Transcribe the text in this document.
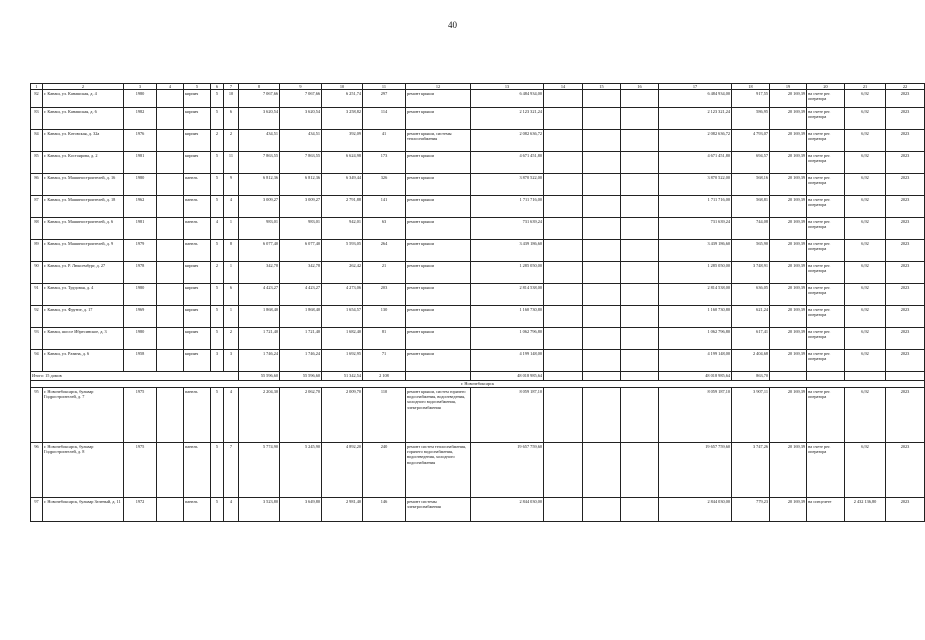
40
1	2	3	4	5	6	7	8	9	10	11	12	13	14	15	16	17	18	19	20	21	22
82	г. Канаш, ул. Канашская, д. 4	1980		кирпич	5	10	7 067,66	7 067,66	6 251,74	297	ремонт крыши	6 484 934,00				6 484 934,00	917,55	20 169,39	на счете рег. оператора	6,92	2023
83	г. Канаш, ул. Канашская, д. 6	1982		кирпич	5	6	3 620,54	3 620,54	3 258,82	114	ремонт крыши	2 123 321,24				2 123 321,24	586,95	20 169,39	на счете рег. оператора	6,92	2023
84	г. Канаш, ул. Котовская, д. 32а	1976		кирпич	2	2	434,51	434,51	392,09	41	ремонт крыши, системы теплоснабжения	2 082 636,72				2 082 636,72	4 793,07	20 169,39	на счете рег. оператора	6,92	2023
85	г. Канаш, ул. Костоярова, д. 2	1981		кирпич	5	11	7 863,55	7 863,55	6 624,98	173	ремонт крыши	4 671 451,80				4 671 451,80	694,57	20 169,39	на счете рег. оператора	6,92	2023
86	г. Канаш, ул. Машиностроителей, д. 16	1980		панель	5	9	6 812,36	6 812,36	6 349,44	326	ремонт крыши	3 870 522,00				3 870 522,00	568,16	20 169,39	на счете рег. оператора	6,92	2023
87	г. Канаш, ул. Машиностроителей, д. 18	1962		панель	5	4	3 009,27	3 009,27	2 791,88	141	ремонт крыши	1 711 716,00				1 711 716,00	568,81	20 169,39	на счете рег. оператора	6,92	2023
88	г. Канаш, ул. Машиностроителей, д. 6	1981		панель	4	1	983,01	983,01	942,01	63	ремонт крыши	731 639,24				731 639,24	744,08	20 169,39	на счете рег. оператора	6,92	2023
89	г. Канаш, ул. Машиностроителей, д. 9	1979		панель	5	8	6 077,40	6 077,40	5 593,05	264	ремонт крыши	3 439 186,60				3 439 186,60	565,90	20 169,39	на счете рег. оператора	6,92	2023
90	г. Канаш, ул. Р. Люксембург, д. 27	1978		кирпич	2	1	342,78	342,78	262,42	21	ремонт крыши	1 285 050,00				1 285 050,00	3 748,91	20 169,39	на счете рег. оператора	6,92	2023
91	г. Канаш, ул. Трудовая, д. 4	1980		кирпич	5	6	4 423,27	4 423,27	4 273,06	203	ремонт крыши	2 814 538,00				2 814 538,00	636,05	20 169,39	на счете рег. оператора	6,92	2023
92	г. Канаш, ул. Фрунзе, д. 17	1969		кирпич	5	1	1 868,40	1 868,40	1 654,57	130	ремонт крыши	1 160 730,80				1 160 730,80	621,24	20 169,39	на счете рег. оператора	6,92	2023
93	г. Канаш, шоссе Ибресинское, д. 3	1980		кирпич	5	2	1 721,40	1 721,40	1 682,40	81	ремонт крыши	1 062 796,80				1 062 796,80	617,41	20 169,39	на счете рег. оператора	6,92	2023
94	г. Канаш, ул. Разина, д. 6	1958		кирпич	3	3	1 746,24	1 746,24	1 692,95	71	ремонт крыши	4 199 148,00				4 199 148,00	2 404,68	20 169,39	на счете рег. оператора	6,92	2023
Итого: 15 домов							55 596,60	55 596,60	51 342,54	2 108		48 018 985,64				48 018 985,64	863,70				
г. Новочебоксарск																					
95	г. Новочебоксарск, бульвар Гидростроителей, д. 7	1975		панель	5	4	2 204,30	2 062,70	2 009,70	110	ремонт крыши, систем горячего водоснабжения, водоотведения, холодного водоснабжения, электроснабжения	8 059 187,10				8 059 187,10	3 907,11	20 169,39	на счете рег. оператора	6,92	2023
96	г. Новочебоксарск, бульвар Гидростроителей, д. 8	1975		панель	5	7	5 774,90	5 245,90	4 892,20	240	ремонт систем теплоснабжения, горячего водоснабжения, водоотведения, холодного водоснабжения	19 657 759,60				19 657 759,60	3 747,26	20 169,39	на счете рег. оператора	6,92	2023
97	г. Новочебоксарск, бульвар Зеленый, д. 11	1972		панель	5	4	3 523,80	3 649,80	2 981,40	146	ремонт системы электроснабжения	2 844 030,00				2 844 030,00	779,23	20 169,39	на спецсчете	2 432 136,80	2023
